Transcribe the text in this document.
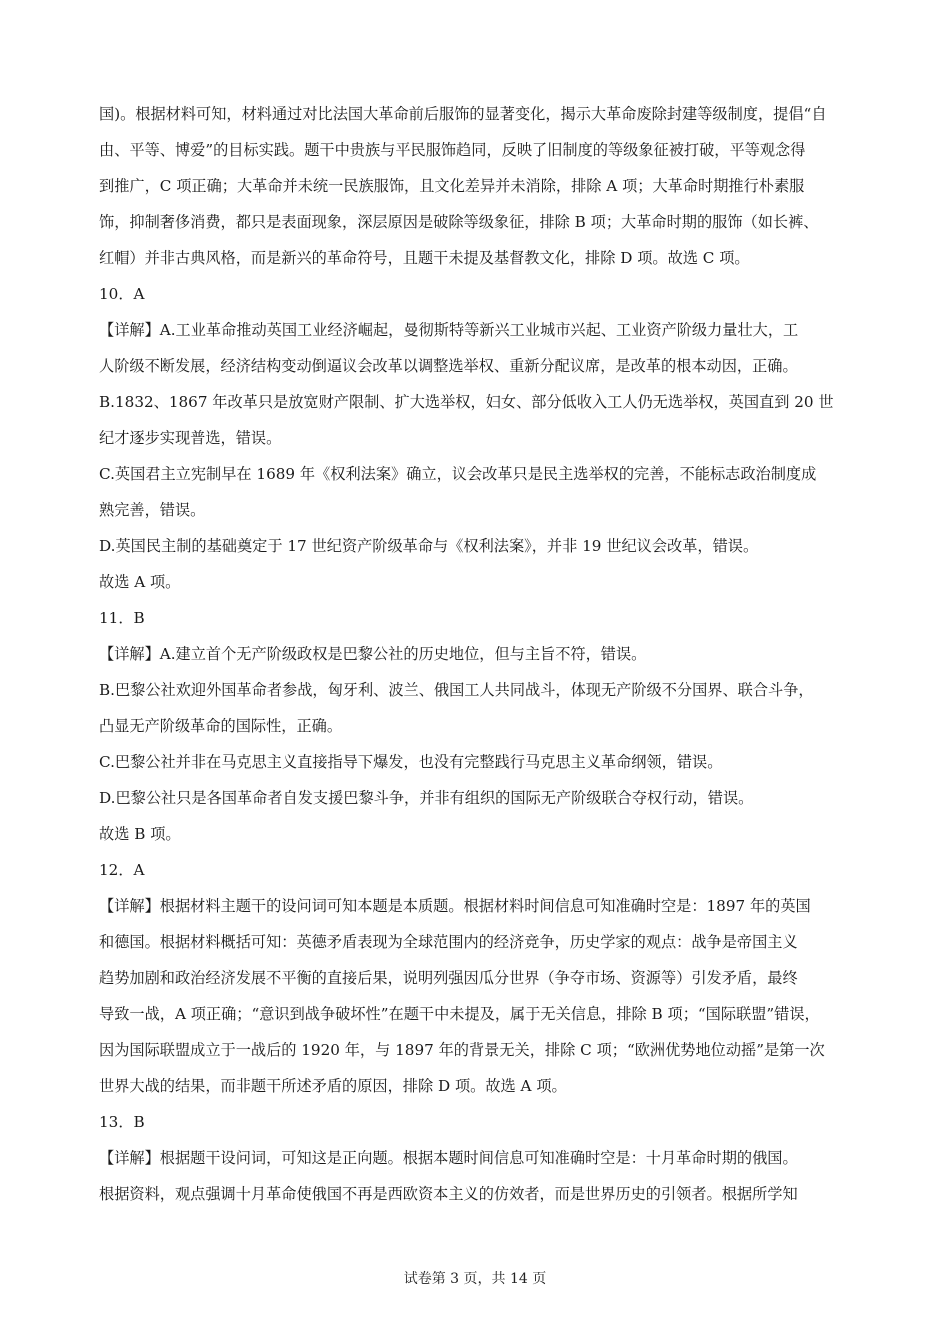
国)。根据材料可知，材料通过对比法国大革命前后服饰的显著变化，揭示大革命废除封建等级制度，提倡“自
由、平等、博爱”的目标实践。题干中贵族与平民服饰趋同，反映了旧制度的等级象征被打破，平等观念得
到推广，C 项正确；大革命并未统一民族服饰，且文化差异并未消除，排除 A 项；大革命时期推行朴素服
饰，抑制奢侈消费，都只是表面现象，深层原因是破除等级象征，排除 B 项；大革命时期的服饰（如长裤、
红帽）并非古典风格，而是新兴的革命符号，且题干未提及基督教文化，排除 D 项。故选 C 项。

10．A

【详解】A.工业革命推动英国工业经济崛起，曼彻斯特等新兴工业城市兴起、工业资产阶级力量壮大，工
人阶级不断发展，经济结构变动倒逼议会改革以调整选举权、重新分配议席，是改革的根本动因，正确。

B.1832、1867 年改革只是放宽财产限制、扩大选举权，妇女、部分低收入工人仍无选举权，英国直到 20 世
纪才逐步实现普选，错误。

C.英国君主立宪制早在 1689 年《权利法案》确立，议会改革只是民主选举权的完善，不能标志政治制度成
熟完善，错误。

D.英国民主制的基础奠定于 17 世纪资产阶级革命与《权利法案》，并非 19 世纪议会改革，错误。

故选 A 项。

11．B

【详解】A.建立首个无产阶级政权是巴黎公社的历史地位，但与主旨不符，错误。

B.巴黎公社欢迎外国革命者参战，匈牙利、波兰、俄国工人共同战斗，体现无产阶级不分国界、联合斗争，
凸显无产阶级革命的国际性，正确。

C.巴黎公社并非在马克思主义直接指导下爆发，也没有完整践行马克思主义革命纲领，错误。

D.巴黎公社只是各国革命者自发支援巴黎斗争，并非有组织的国际无产阶级联合夺权行动，错误。

故选 B 项。

12．A

【详解】根据材料主题干的设问词可知本题是本质题。根据材料时间信息可知准确时空是：1897 年的英国
和德国。根据材料概括可知：英德矛盾表现为全球范围内的经济竞争，历史学家的观点：战争是帝国主义
趋势加剧和政治经济发展不平衡的直接后果，说明列强因瓜分世界（争夺市场、资源等）引发矛盾，最终
导致一战，A 项正确；“意识到战争破坏性”在题干中未提及，属于无关信息，排除 B 项；“国际联盟”错误，
因为国际联盟成立于一战后的 1920 年，与 1897 年的背景无关，排除 C 项；“欧洲优势地位动摇”是第一次
世界大战的结果，而非题干所述矛盾的原因，排除 D 项。故选 A 项。

13．B

【详解】根据题干设问词，可知这是正向题。根据本题时间信息可知准确时空是：十月革命时期的俄国。
根据资料，观点强调十月革命使俄国不再是西欧资本主义的仿效者，而是世界历史的引领者。根据所学知

试卷第 3 页，共 14 页
